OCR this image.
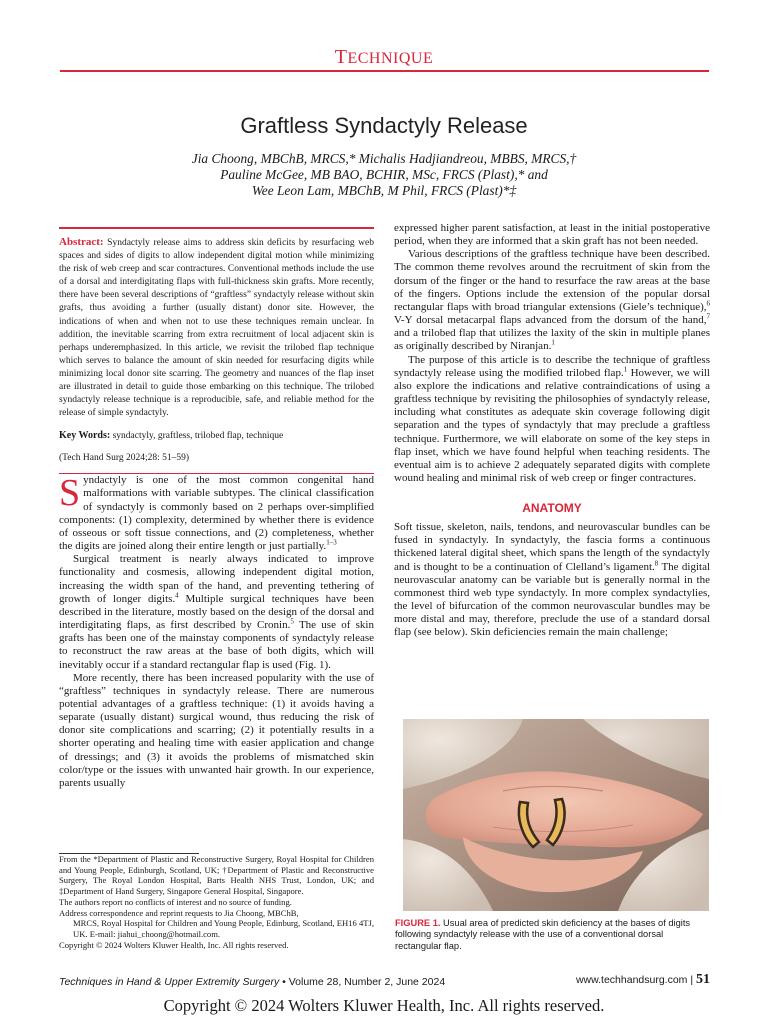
TECHNIQUE
Graftless Syndactyly Release
Jia Choong, MBChB, MRCS,* Michalis Hadjiandreou, MBBS, MRCS,†
Pauline McGee, MB BAO, BCHIR, MSc, FRCS (Plast),* and
Wee Leon Lam, MBChB, M Phil, FRCS (Plast)*‡
Abstract: Syndactyly release aims to address skin deficits by resurfacing web spaces and sides of digits to allow independent digital motion while minimizing the risk of web creep and scar contractures. Conventional methods include the use of a dorsal and interdigitating flaps with full-thickness skin grafts. More recently, there have been several descriptions of “graftless” syndactyly release without skin grafts, thus avoiding a further (usually distant) donor site. However, the indications of when and when not to use these techniques remain unclear. In addition, the inevitable scarring from extra recruitment of local adjacent skin is perhaps underemphasized. In this article, we revisit the trilobed flap technique which serves to balance the amount of skin needed for resurfacing digits while minimizing local donor site scarring. The geometry and nuances of the flap inset are illustrated in detail to guide those embarking on this technique. The trilobed syndactyly release technique is a reproducible, safe, and reliable method for the release of simple syndactyly.
Key Words: syndactyly, graftless, trilobed flap, technique
(Tech Hand Surg 2024;28: 51–59)

Syndactyly is one of the most common congenital hand malformations with variable subtypes. The clinical classification of syndactyly is commonly based on 2 perhaps over-simplified components: (1) complexity, determined by whether there is evidence of osseous or soft tissue connections, and (2) completeness, whether the digits are joined along their entire length or just partially.$^{1-3}$

Surgical treatment is nearly always indicated to improve functionality and cosmesis, allowing independent digital motion, increasing the width span of the hand, and preventing tethering of growth of longer digits.$^4$ Multiple surgical techniques have been described in the literature, mostly based on the design of the dorsal and interdigitating flaps, as first described by Cronin.$^5$ The use of skin grafts has been one of the mainstay components of syndactyly release to reconstruct the raw areas at the base of both digits, which will inevitably occur if a standard rectangular flap is used (Fig. 1).

More recently, there has been increased popularity with the use of “graftless” techniques in syndactyly release. There are numerous potential advantages of a graftless technique: (1) it avoids having a separate (usually distant) surgical wound, thus reducing the risk of donor site complications and scarring; (2) it potentially results in a shorter operating and healing time with easier application and change of dressings; and (3) it avoids the problems of mismatched skin color/type or the issues with unwanted hair growth. In our experience, parents usually

From the *Department of Plastic and Reconstructive Surgery, Royal Hospital for Children and Young People, Edinburgh, Scotland, UK; †Department of Plastic and Reconstructive Surgery, The Royal London Hospital, Barts Health NHS Trust, London, UK; and ‡Department of Hand Surgery, Singapore General Hospital, Singapore.
The authors report no conflicts of interest and no source of funding.
Address correspondence and reprint requests to Jia Choong, MBChB,
MRCS, Royal Hospital for Children and Young People, Edinburg, Scotland, EH16 4TJ, UK. E-mail: jiahui_choong@hotmail.com.
Copyright © 2024 Wolters Kluwer Health, Inc. All rights reserved.

expressed higher parent satisfaction, at least in the initial postoperative period, when they are informed that a skin graft has not been needed.

Various descriptions of the graftless technique have been described. The common theme revolves around the recruitment of skin from the dorsum of the finger or the hand to resurface the raw areas at the base of the fingers. Options include the extension of the popular dorsal rectangular flaps with broad triangular extensions (Giele’s technique),$^6$ V-Y dorsal metacarpal flaps advanced from the dorsum of the hand,$^7$ and a trilobed flap that utilizes the laxity of the skin in multiple planes as originally described by Niranjan.$^1$

The purpose of this article is to describe the technique of graftless syndactyly release using the modified trilobed flap.$^1$ However, we will also explore the indications and relative contraindications of using a graftless technique by revisiting the philosophies of syndactyly release, including what constitutes as adequate skin coverage following digit separation and the types of syndactyly that may preclude a graftless technique. Furthermore, we will elaborate on some of the key steps in flap inset, which we have found helpful when teaching residents. The eventual aim is to achieve 2 adequately separated digits with complete wound healing and minimal risk of web creep or finger contractures.

ANATOMY

Soft tissue, skeleton, nails, tendons, and neurovascular bundles can be fused in syndactyly. In syndactyly, the fascia forms a continuous thickened lateral digital sheet, which spans the length of the syndactyly and is thought to be a continuation of Clelland’s ligament.$^8$ The digital neurovascular anatomy can be variable but is generally normal in the commonest third web type syndactyly. In more complex syndactylies, the level of bifurcation of the common neurovascular bundles may be more distal and may, therefore, preclude the use of a standard dorsal flap (see below). Skin deficiencies remain the main challenge;

FIGURE 1. Usual area of predicted skin deficiency at the bases of digits following syndactyly release with the use of a conventional dorsal rectangular flap.
Techniques in Hand & Upper Extremity Surgery • Volume 28, Number 2, June 2024	www.techhandsurg.com | 51
Copyright © 2024 Wolters Kluwer Health, Inc. All rights reserved.
